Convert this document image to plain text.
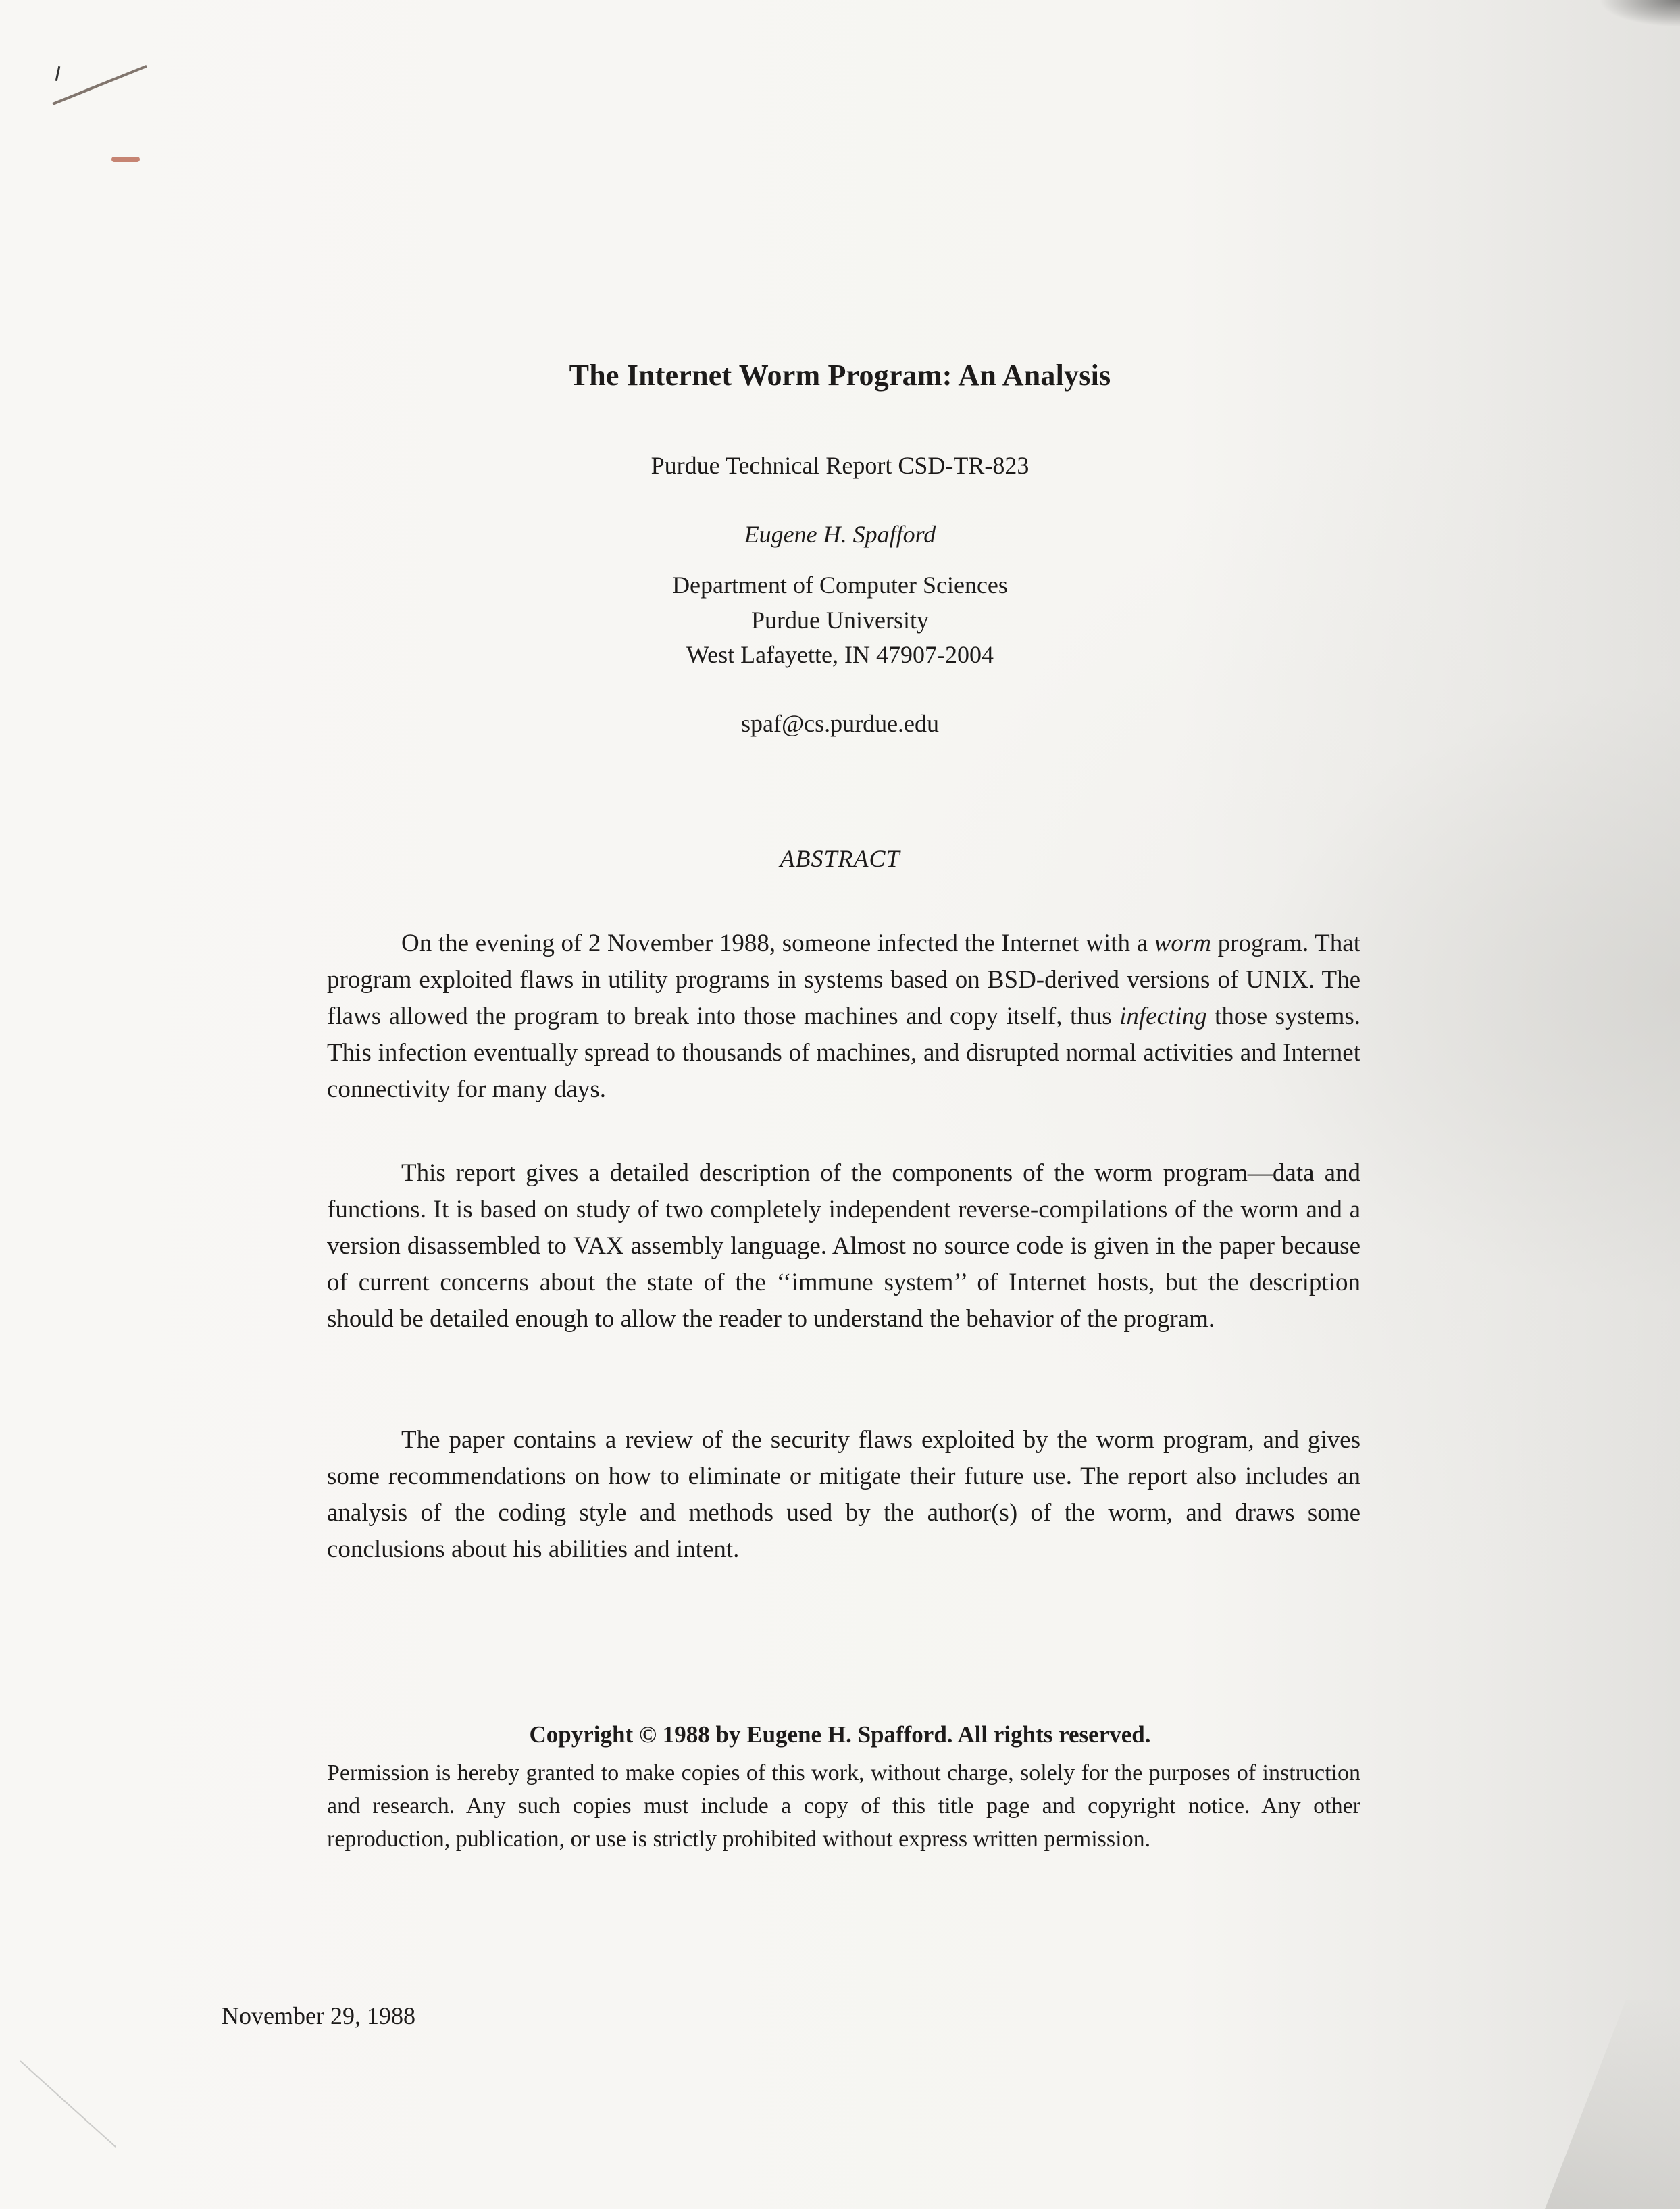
The Internet Worm Program: An Analysis
Purdue Technical Report CSD-TR-823
Eugene H. Spafford
Department of Computer Sciences
Purdue University
West Lafayette, IN 47907-2004
spaf@cs.purdue.edu
ABSTRACT

On the evening of 2 November 1988, someone infected the Internet with a worm program. That program exploited flaws in utility programs in systems based on BSD-derived versions of UNIX. The flaws allowed the program to break into those machines and copy itself, thus infecting those systems. This infection eventually spread to thousands of machines, and disrupted normal activities and Internet connectivity for many days.

This report gives a detailed description of the components of the worm program—data and functions. It is based on study of two completely independent reverse-compilations of the worm and a version disassembled to VAX assembly language. Almost no source code is given in the paper because of current concerns about the state of the ‘‘immune system’’ of Internet hosts, but the description should be detailed enough to allow the reader to understand the behavior of the program.

The paper contains a review of the security flaws exploited by the worm program, and gives some recommendations on how to eliminate or mitigate their future use. The report also includes an analysis of the coding style and methods used by the author(s) of the worm, and draws some conclusions about his abilities and intent.

Copyright © 1988 by Eugene H. Spafford. All rights reserved.

Permission is hereby granted to make copies of this work, without charge, solely for the purposes of instruction and research. Any such copies must include a copy of this title page and copyright notice. Any other reproduction, publication, or use is strictly prohibited without express written permission.

November 29, 1988
